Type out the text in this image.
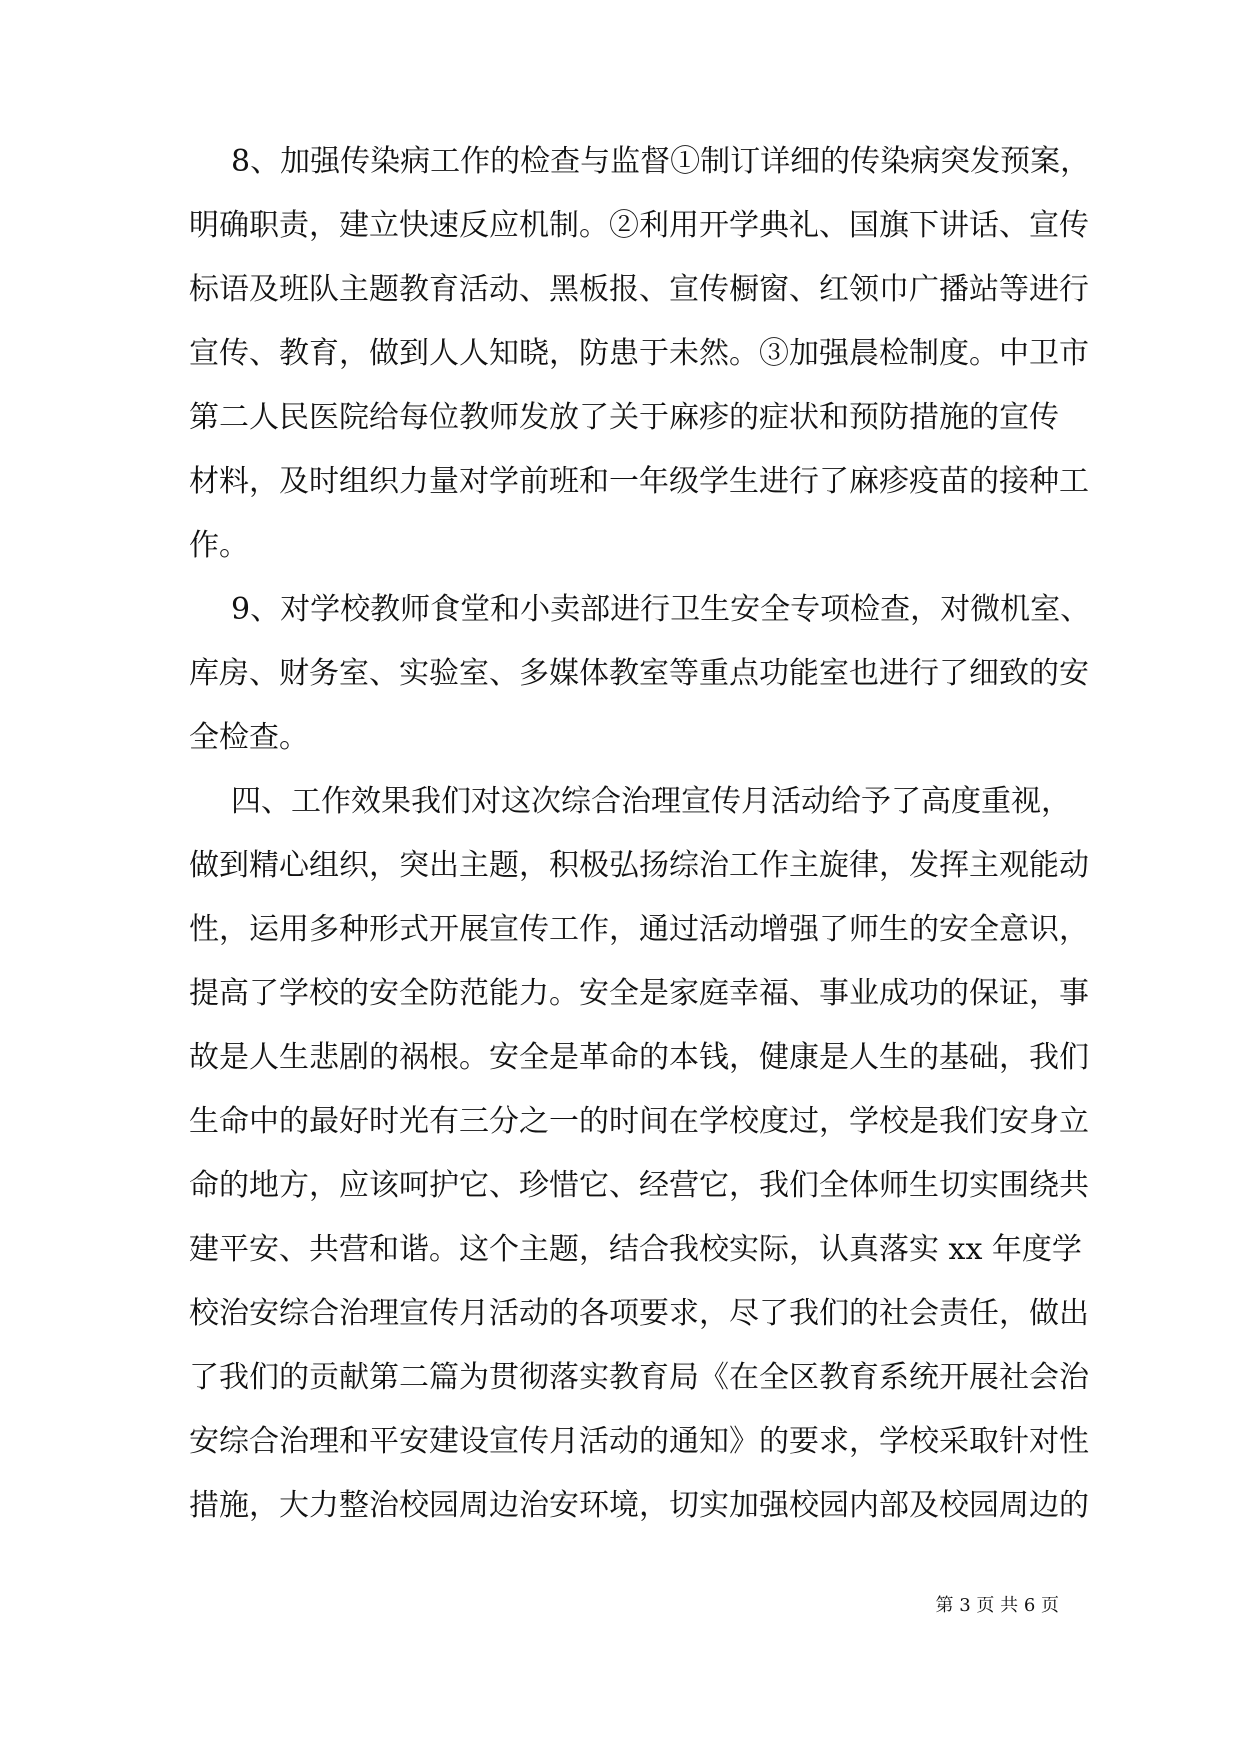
8、加强传染病工作的检查与监督①制订详细的传染病突发预案，
明确职责，建立快速反应机制。②利用开学典礼、国旗下讲话、宣传
标语及班队主题教育活动、黑板报、宣传橱窗、红领巾广播站等进行
宣传、教育，做到人人知晓，防患于未然。③加强晨检制度。中卫市
第二人民医院给每位教师发放了关于麻疹的症状和预防措施的宣传
材料，及时组织力量对学前班和一年级学生进行了麻疹疫苗的接种工
作。
9、对学校教师食堂和小卖部进行卫生安全专项检查，对微机室、
库房、财务室、实验室、多媒体教室等重点功能室也进行了细致的安
全检查。
四、工作效果我们对这次综合治理宣传月活动给予了高度重视，
做到精心组织，突出主题，积极弘扬综治工作主旋律，发挥主观能动
性，运用多种形式开展宣传工作，通过活动增强了师生的安全意识，
提高了学校的安全防范能力。安全是家庭幸福、事业成功的保证，事
故是人生悲剧的祸根。安全是革命的本钱，健康是人生的基础，我们
生命中的最好时光有三分之一的时间在学校度过，学校是我们安身立
命的地方，应该呵护它、珍惜它、经营它，我们全体师生切实围绕共
建平安、共营和谐。这个主题，结合我校实际，认真落实 xx 年度学
校治安综合治理宣传月活动的各项要求，尽了我们的社会责任，做出
了我们的贡献第二篇为贯彻落实教育局《在全区教育系统开展社会治
安综合治理和平安建设宣传月活动的通知》的要求，学校采取针对性
措施，大力整治校园周边治安环境，切实加强校园内部及校园周边的
第 3 页 共 6 页
